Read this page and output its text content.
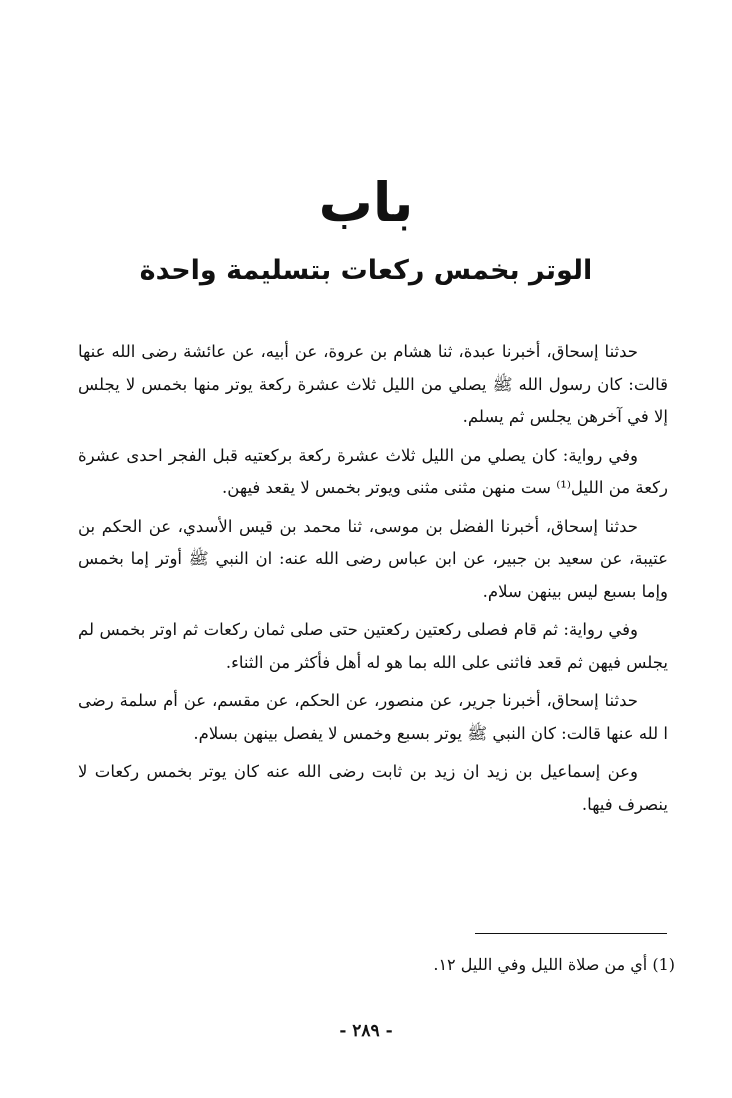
باب
الوتر بخمس ركعات بتسليمة واحدة

حدثنا إسحاق، أخبرنا عبدة، ثنا هشام بن عروة، عن أبيه، عن عائشة رضى الله عنها قالت: كان رسول الله ﷺ يصلي من الليل ثلاث عشرة ركعة يوتر منها بخمس لا يجلس إلا في آخرهن يجلس ثم يسلم.

وفي رواية: كان يصلي من الليل ثلاث عشرة ركعة بركعتيه قبل الفجر احدى عشرة ركعة من الليل⁽¹⁾ ست منهن مثنى مثنى ويوتر بخمس لا يقعد فيهن.

حدثنا إسحاق، أخبرنا الفضل بن موسى، ثنا محمد بن قيس الأسدي، عن الحكم بن عتيبة، عن سعيد بن جبير، عن ابن عباس رضى الله عنه: ان النبي ﷺ أوتر إما بخمس وإما بسبع ليس بينهن سلام.

وفي رواية: ثم قام فصلى ركعتين ركعتين حتى صلى ثمان ركعات ثم اوتر بخمس لم يجلس فيهن ثم قعد فاثنى على الله بما هو له أهل فأكثر من الثناء.

حدثنا إسحاق، أخبرنا جرير، عن منصور، عن الحكم، عن مقسم، عن أم سلمة رضى ا لله عنها قالت: كان النبي ﷺ يوتر بسبع وخمس لا يفصل بينهن بسلام.

وعن إسماعيل بن زيد ان زيد بن ثابت رضى الله عنه كان يوتر بخمس ركعات لا ينصرف فيها.

(1) أي من صلاة الليل وفي الليل ١٢.
- ٢٨٩ -
